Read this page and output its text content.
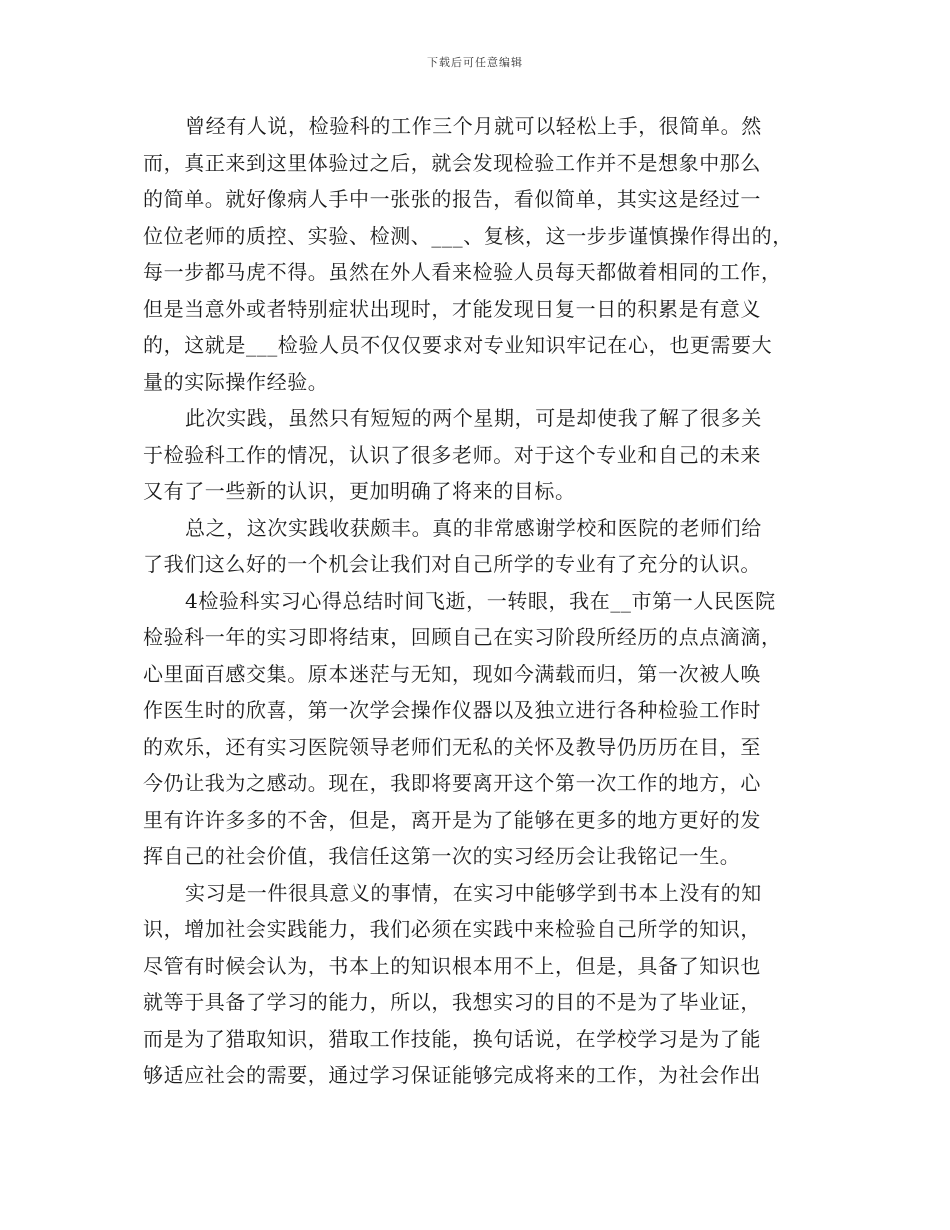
下载后可任意编辑
曾经有人说，检验科的工作三个月就可以轻松上手，很简单。然
而，真正来到这里体验过之后，就会发现检验工作并不是想象中那么
的简单。就好像病人手中一张张的报告，看似简单，其实这是经过一
位位老师的质控、实验、检测、___、复核，这一步步谨慎操作得出的，
每一步都马虎不得。虽然在外人看来检验人员每天都做着相同的工作，
但是当意外或者特别症状出现时，才能发现日复一日的积累是有意义
的，这就是___检验人员不仅仅要求对专业知识牢记在心，也更需要大
量的实际操作经验。
此次实践，虽然只有短短的两个星期，可是却使我了解了很多关
于检验科工作的情况，认识了很多老师。对于这个专业和自己的未来
又有了一些新的认识，更加明确了将来的目标。
总之，这次实践收获颇丰。真的非常感谢学校和医院的老师们给
了我们这么好的一个机会让我们对自己所学的专业有了充分的认识。
4检验科实习心得总结时间飞逝，一转眼，我在__市第一人民医院
检验科一年的实习即将结束，回顾自己在实习阶段所经历的点点滴滴，
心里面百感交集。原本迷茫与无知，现如今满载而归，第一次被人唤
作医生时的欣喜，第一次学会操作仪器以及独立进行各种检验工作时
的欢乐，还有实习医院领导老师们无私的关怀及教导仍历历在目，至
今仍让我为之感动。现在，我即将要离开这个第一次工作的地方，心
里有许许多多的不舍，但是，离开是为了能够在更多的地方更好的发
挥自己的社会价值，我信任这第一次的实习经历会让我铭记一生。
实习是一件很具意义的事情，在实习中能够学到书本上没有的知
识，增加社会实践能力，我们必须在实践中来检验自己所学的知识，
尽管有时候会认为，书本上的知识根本用不上，但是，具备了知识也
就等于具备了学习的能力，所以，我想实习的目的不是为了毕业证，
而是为了猎取知识，猎取工作技能，换句话说，在学校学习是为了能
够适应社会的需要，通过学习保证能够完成将来的工作，为社会作出
